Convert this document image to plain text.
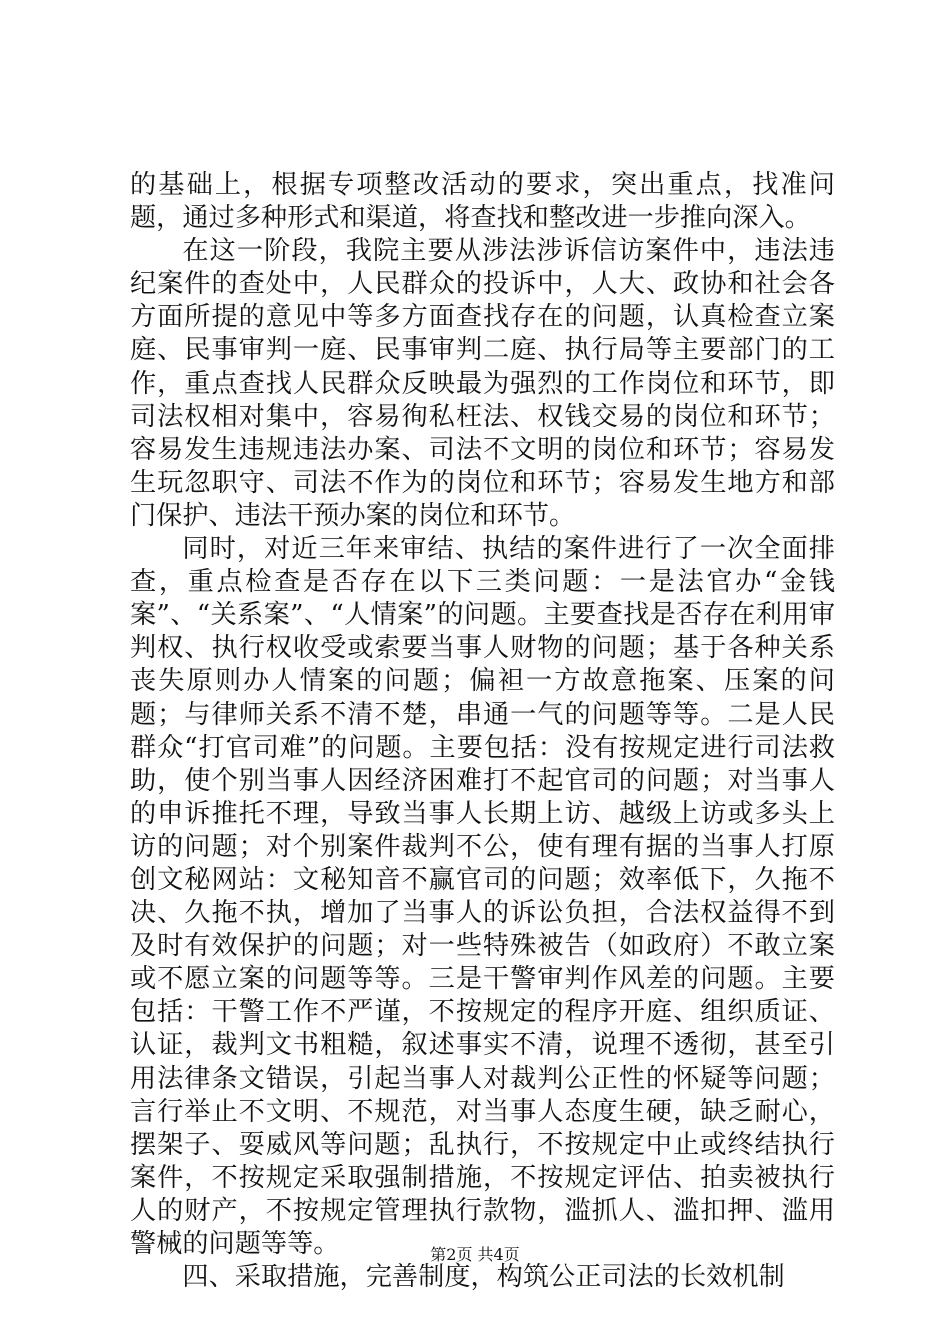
的基础上，根据专项整改活动的要求，突出重点，找准问题，通过多种形式和渠道，将查找和整改进一步推向深入。

在这一阶段，我院主要从涉法涉诉信访案件中，违法违纪案件的查处中，人民群众的投诉中，人大、政协和社会各方面所提的意见中等多方面查找存在的问题，认真检查立案庭、民事审判一庭、民事审判二庭、执行局等主要部门的工作，重点查找人民群众反映最为强烈的工作岗位和环节，即司法权相对集中，容易徇私枉法、权钱交易的岗位和环节；容易发生违规违法办案、司法不文明的岗位和环节；容易发生玩忽职守、司法不作为的岗位和环节；容易发生地方和部门保护、违法干预办案的岗位和环节。

同时，对近三年来审结、执结的案件进行了一次全面排查，重点检查是否存在以下三类问题：一是法官办“金钱案”、“关系案”、“人情案”的问题。主要查找是否存在利用审判权、执行权收受或索要当事人财物的问题；基于各种关系丧失原则办人情案的问题；偏袒一方故意拖案、压案的问题；与律师关系不清不楚，串通一气的问题等等。二是人民群众“打官司难”的问题。主要包括：没有按规定进行司法救助，使个别当事人因经济困难打不起官司的问题；对当事人的申诉推托不理，导致当事人长期上访、越级上访或多头上访的问题；对个别案件裁判不公，使有理有据的当事人打原创文秘网站：文秘知音不赢官司的问题；效率低下，久拖不决、久拖不执，增加了当事人的诉讼负担，合法权益得不到及时有效保护的问题；对一些特殊被告（如政府）不敢立案或不愿立案的问题等等。三是干警审判作风差的问题。主要包括：干警工作不严谨，不按规定的程序开庭、组织质证、认证，裁判文书粗糙，叙述事实不清，说理不透彻，甚至引用法律条文错误，引起当事人对裁判公正性的怀疑等问题；言行举止不文明、不规范，对当事人态度生硬，缺乏耐心，摆架子、耍威风等问题；乱执行，不按规定中止或终结执行案件，不按规定采取强制措施，不按规定评估、拍卖被执行人的财产，不按规定管理执行款物，滥抓人、滥扣押、滥用警械的问题等等。

四、采取措施，完善制度，构筑公正司法的长效机制

第2页 共4页
